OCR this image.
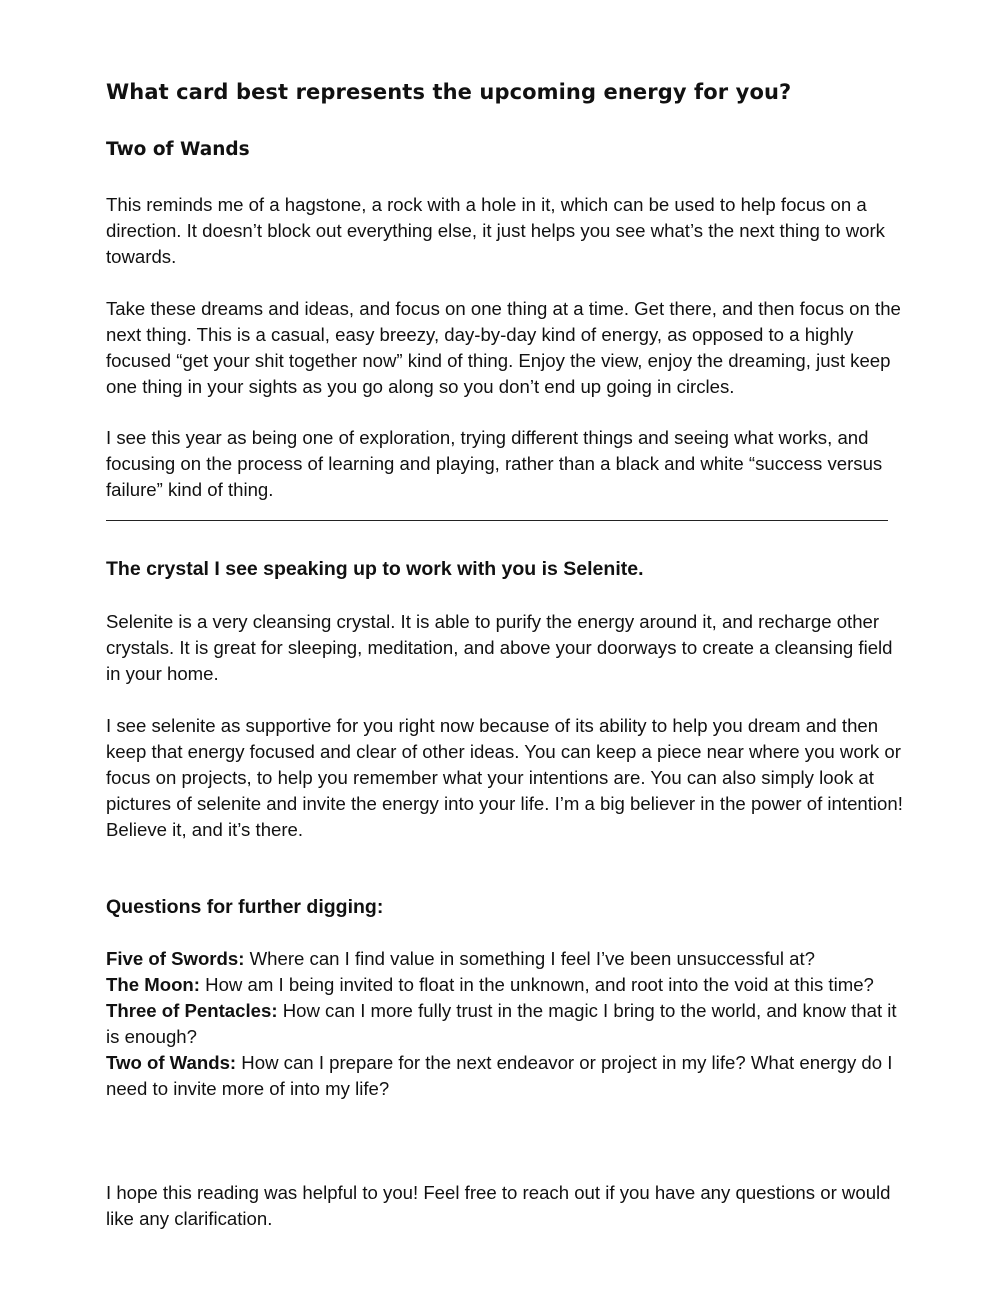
What card best represents the upcoming energy for you?
Two of Wands

This reminds me of a hagstone, a rock with a hole in it, which can be used to help focus on a direction. It doesn’t block out everything else, it just helps you see what’s the next thing to work towards.

Take these dreams and ideas, and focus on one thing at a time. Get there, and then focus on the next thing. This is a casual, easy breezy, day-by-day kind of energy, as opposed to a highly focused “get your shit together now” kind of thing. Enjoy the view, enjoy the dreaming, just keep one thing in your sights as you go along so you don’t end up going in circles.

I see this year as being one of exploration, trying different things and seeing what works, and focusing on the process of learning and playing, rather than a black and white “success versus failure” kind of thing.

The crystal I see speaking up to work with you is Selenite.

Selenite is a very cleansing crystal. It is able to purify the energy around it, and recharge other crystals. It is great for sleeping, meditation, and above your doorways to create a cleansing field in your home.

I see selenite as supportive for you right now because of its ability to help you dream and then keep that energy focused and clear of other ideas. You can keep a piece near where you work or focus on projects, to help you remember what your intentions are. You can also simply look at pictures of selenite and invite the energy into your life. I’m a big believer in the power of intention! Believe it, and it’s there.

Questions for further digging:
Five of Swords: Where can I find value in something I feel I’ve been unsuccessful at?
The Moon: How am I being invited to float in the unknown, and root into the void at this time?
Three of Pentacles: How can I more fully trust in the magic I bring to the world, and know that it is enough?
Two of Wands: How can I prepare for the next endeavor or project in my life? What energy do I need to invite more of into my life?

I hope this reading was helpful to you! Feel free to reach out if you have any questions or would like any clarification.
